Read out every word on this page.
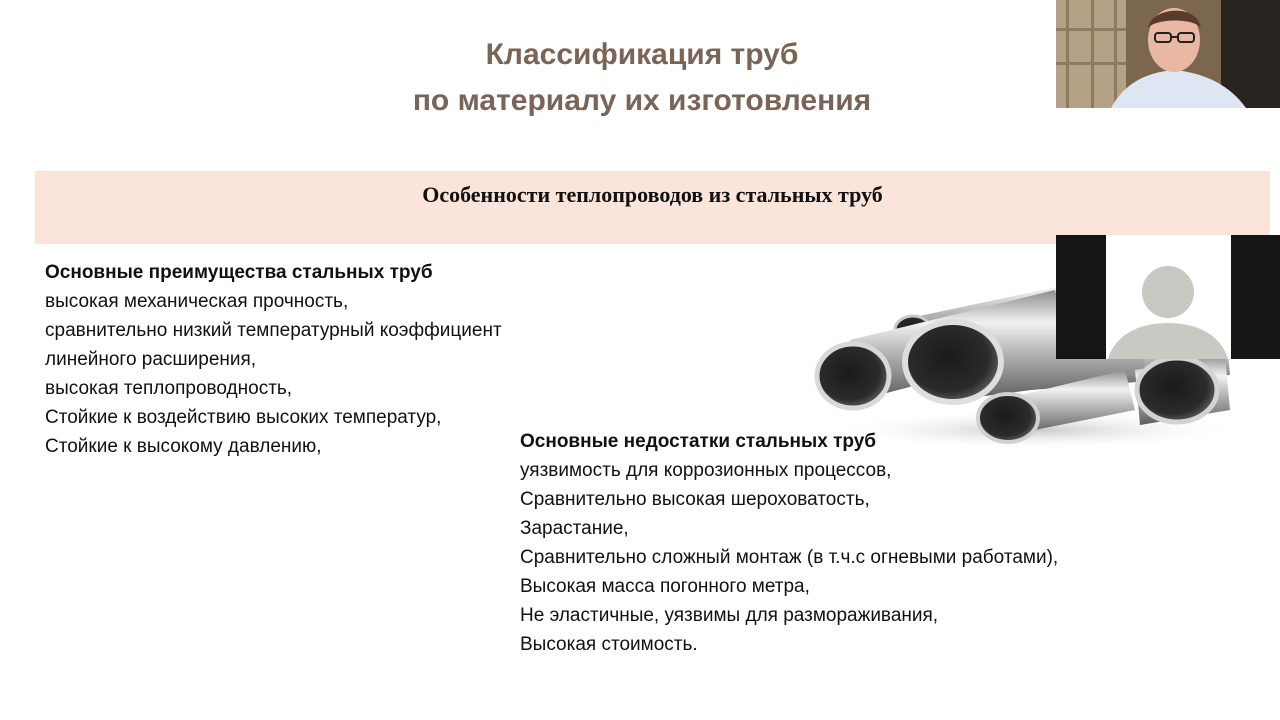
Классификация труб
по материалу их изготовления
Особенности теплопроводов из стальных труб
Основные преимущества стальных труб
высокая механическая прочность,
сравнительно низкий температурный коэффициент
линейного расширения,
высокая теплопроводность,
Стойкие к воздействию высоких температур,
Стойкие к высокому давлению,	Основные недостатки стальных труб
уязвимость для коррозионных процессов,
Сравнительно высокая шероховатость,
Зарастание,
Сравнительно сложный монтаж (в т.ч.с огневыми работами),
Высокая масса погонного метра,
Не эластичные, уязвимы для размораживания,
Высокая стоимость.
